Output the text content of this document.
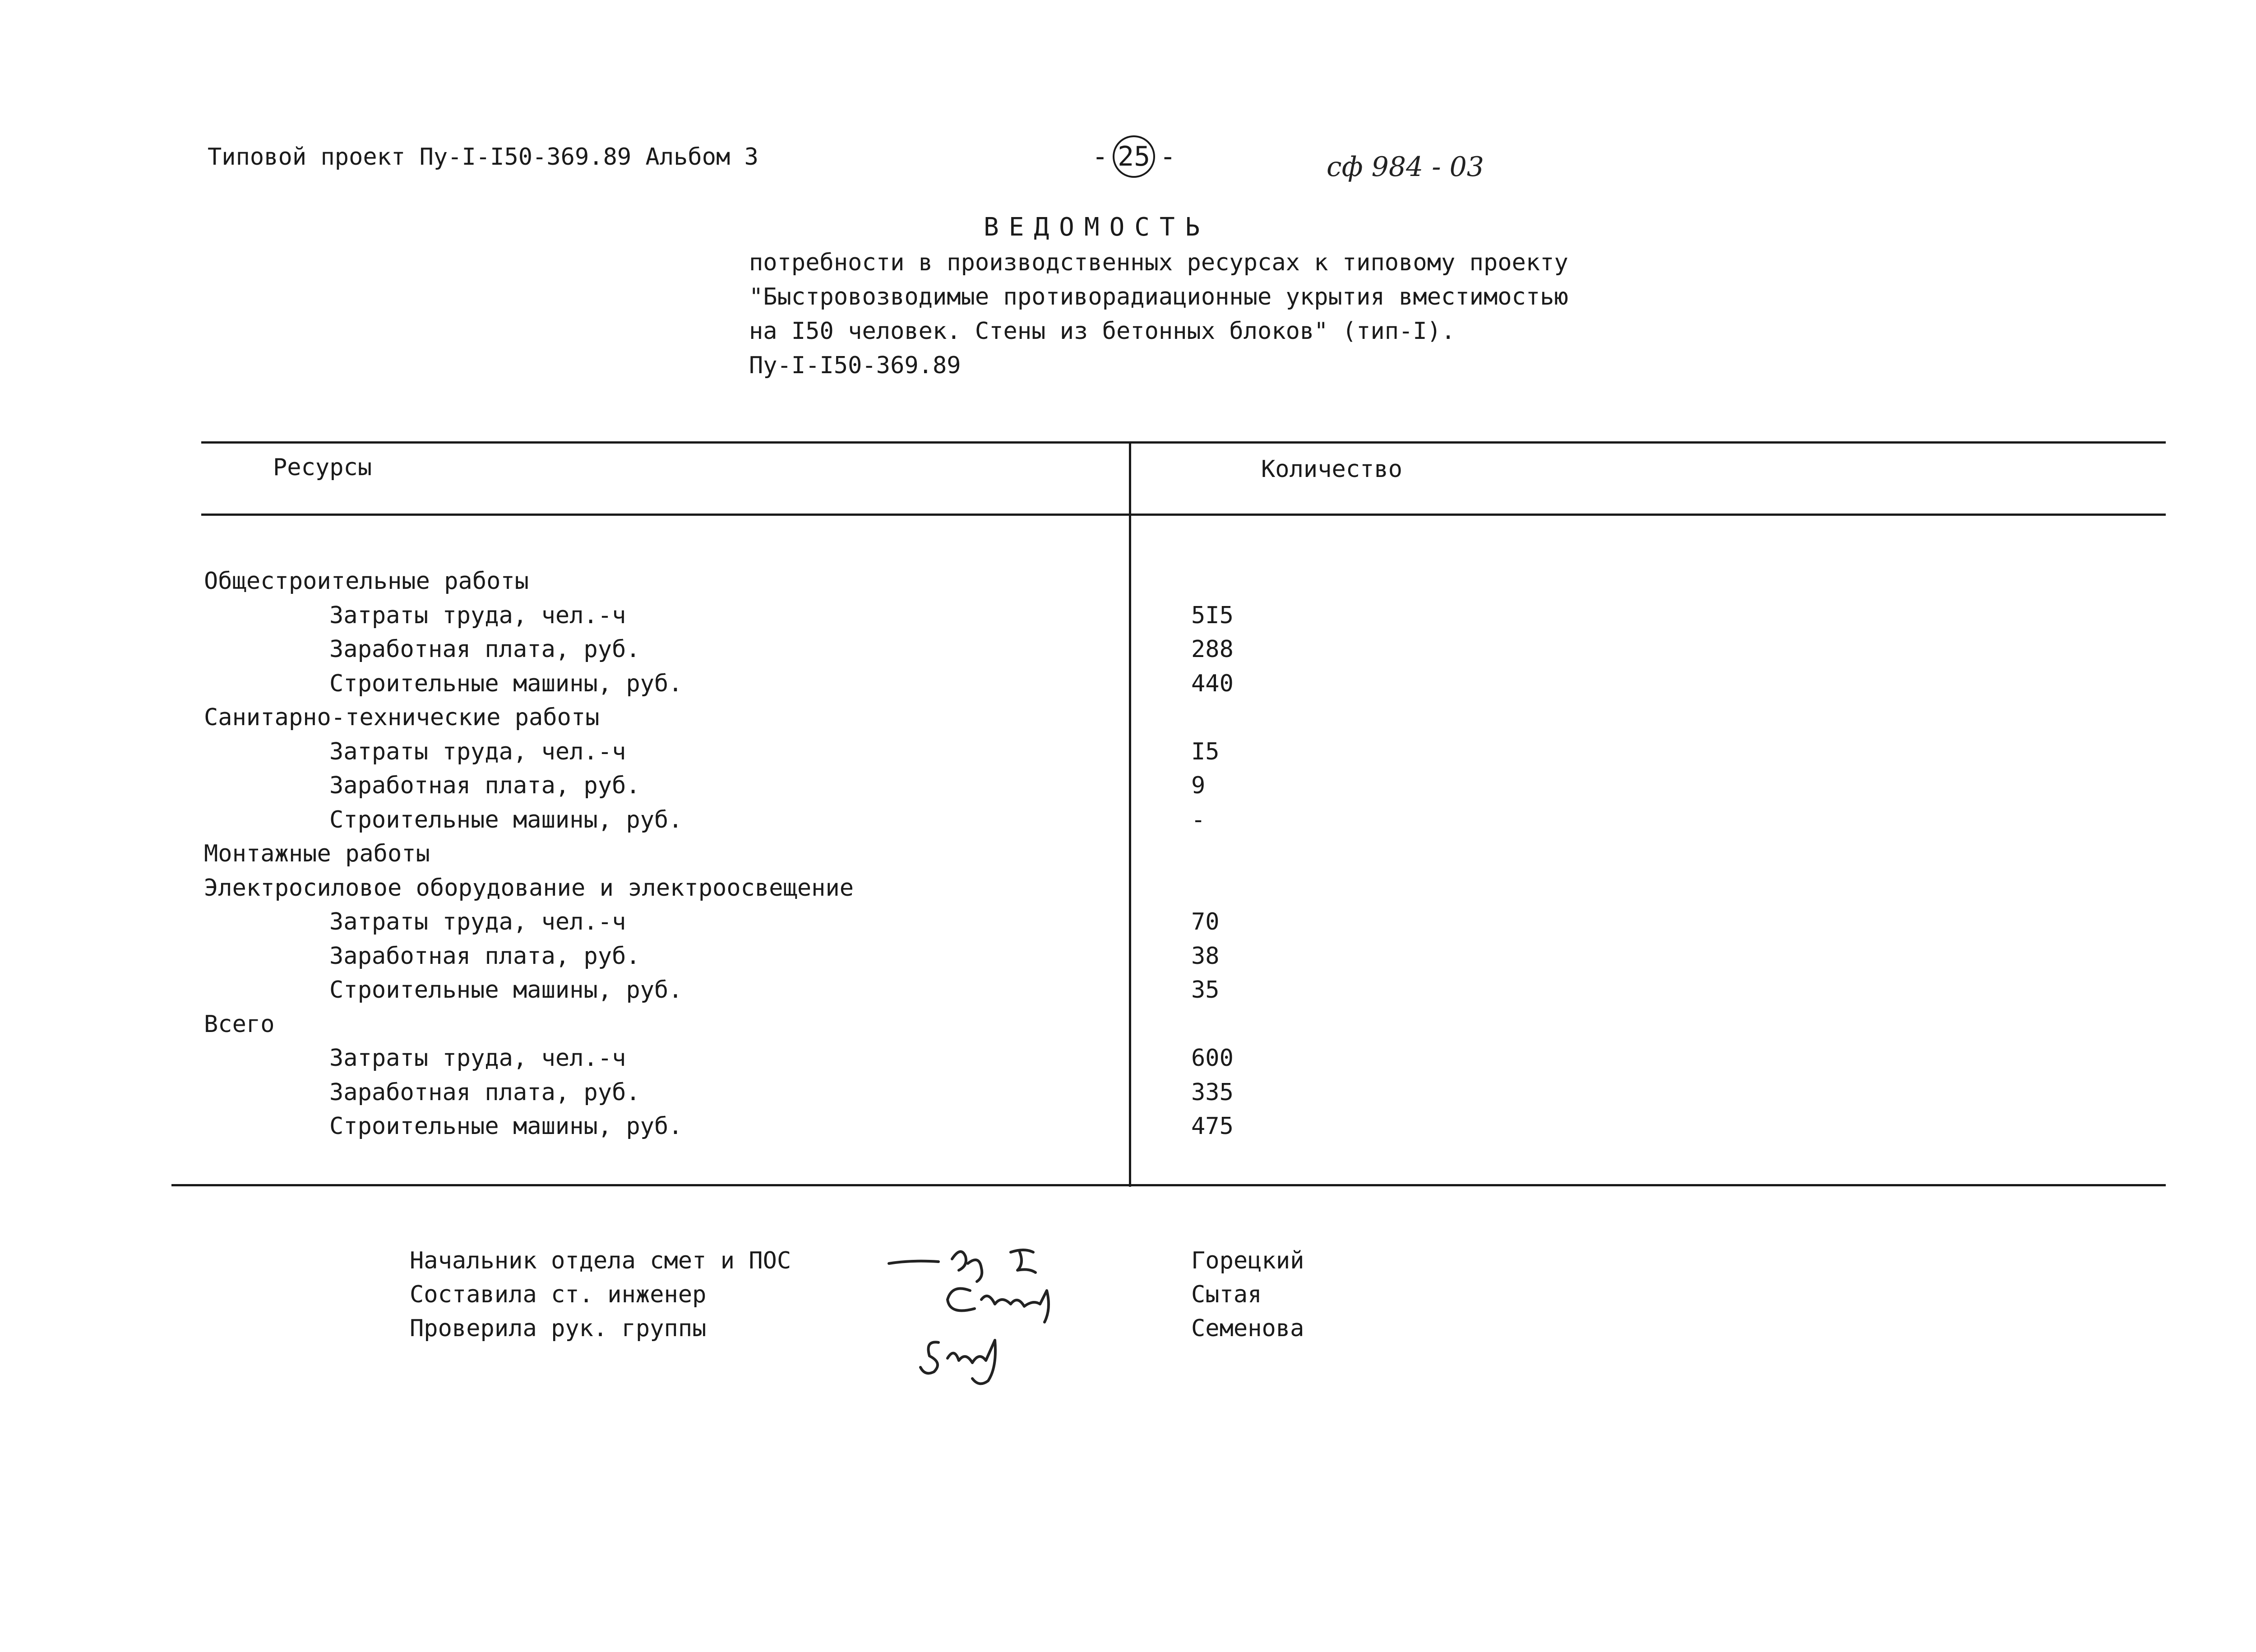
Типовой проект Пу-I-I50-369.89 Альбом 3	- 25 -	сф 984 - 03
ВЕДОМОСТЬ
потребности в производственных ресурсах к типовому проекту
"Быстровозводимые противорадиационные укрытия вместимостью
на I50 человек. Стены из бетонных блоков" (тип-I).
Пу-I-I50-369.89
Ресурсы	Количество
Общестроительные работы
Затраты труда, чел.-ч	5I5
Заработная плата, руб.	288
Строительные машины, руб.	440
Санитарно-технические работы
Затраты труда, чел.-ч	I5
Заработная плата, руб.	9
Строительные машины, руб.	-
Монтажные работы
Электросиловое оборудование и электроосвещение
Затраты труда, чел.-ч	70
Заработная плата, руб.	38
Строительные машины, руб.	35
Всего
Затраты труда, чел.-ч	600
Заработная плата, руб.	335
Строительные машины, руб.	475
Начальник отдела смет и ПОС
Составила ст. инженер
Проверила рук. группы
Горецкий
Сытая
Семенова
